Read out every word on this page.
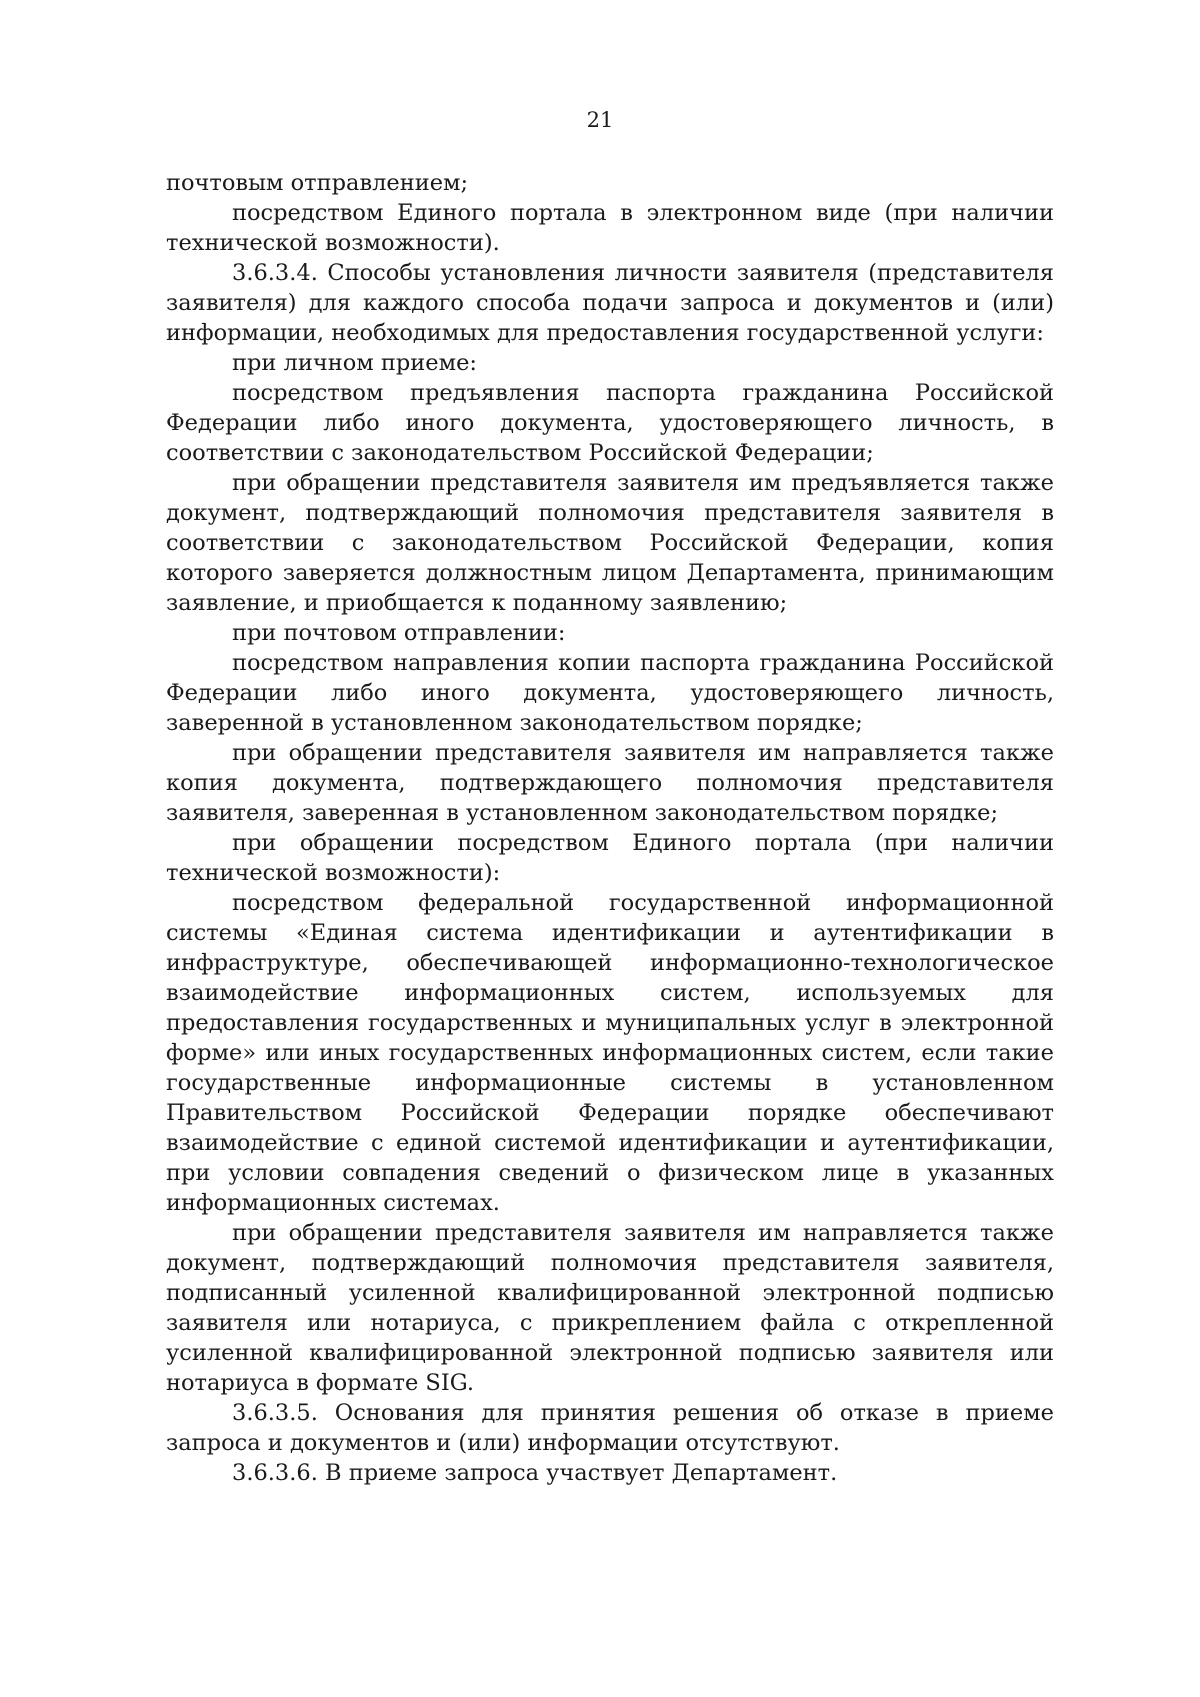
21

почтовым отправлением;

посредством Единого портала в электронном виде (при наличии технической возможности).

3.6.3.4. Способы установления личности заявителя (представителя заявителя) для каждого способа подачи запроса и документов и (или) информации, необходимых для предоставления государственной услуги:

при личном приеме:

посредством предъявления паспорта гражданина Российской Федерации либо иного документа, удостоверяющего личность, в соответствии с законодательством Российской Федерации;

при обращении представителя заявителя им предъявляется также документ, подтверждающий полномочия представителя заявителя в соответствии с законодательством Российской Федерации, копия которого заверяется должностным лицом Департамента, принимающим заявление, и приобщается к поданному заявлению;

при почтовом отправлении:

посредством направления копии паспорта гражданина Российской Федерации либо иного документа, удостоверяющего личность, заверенной в установленном законодательством порядке;

при обращении представителя заявителя им направляется также копия документа, подтверждающего полномочия представителя заявителя, заверенная в установленном законодательством порядке;

при обращении посредством Единого портала (при наличии технической возможности):

посредством федеральной государственной информационной системы «Единая система идентификации и аутентификации в инфраструктуре, обеспечивающей информационно-технологическое взаимодействие информационных систем, используемых для предоставления государственных и муниципальных услуг в электронной форме» или иных государственных информационных систем, если такие государственные информационные системы в установленном Правительством Российской Федерации порядке обеспечивают взаимодействие с единой системой идентификации и аутентификации, при условии совпадения сведений о физическом лице в указанных информационных системах.

при обращении представителя заявителя им направляется также документ, подтверждающий полномочия представителя заявителя, подписанный усиленной квалифицированной электронной подписью заявителя или нотариуса, с прикреплением файла с открепленной усиленной квалифицированной электронной подписью заявителя или нотариуса в формате SIG.

3.6.3.5. Основания для принятия решения об отказе в приеме запроса и документов и (или) информации отсутствуют.

3.6.3.6. В приеме запроса участвует Департамент.
